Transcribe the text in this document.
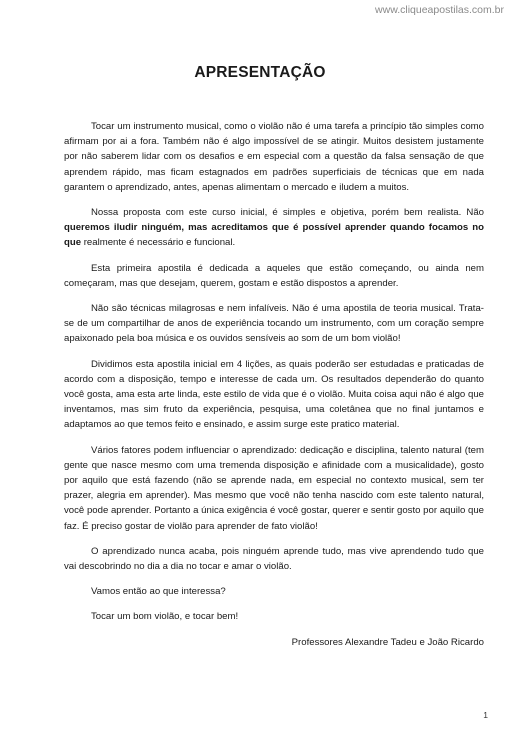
www.cliqueapostilas.com.br
APRESENTAÇÃO

Tocar um instrumento musical, como o violão não é uma tarefa a princípio tão simples como afirmam por ai a fora. Também não é algo impossível de se atingir. Muitos desistem justamente por não saberem lidar com os desafios e em especial com a questão da falsa sensação de que aprendem rápido, mas ficam estagnados em padrões superficiais de técnicas que em nada garantem o aprendizado, antes, apenas alimentam o mercado e iludem a muitos.

Nossa proposta com este curso inicial, é simples e objetiva, porém bem realista. Não queremos iludir ninguém, mas acreditamos que é possível aprender quando focamos no que realmente é necessário e funcional.

Esta primeira apostila é dedicada a aqueles que estão começando, ou ainda nem começaram, mas que desejam, querem, gostam e estão dispostos a aprender.

Não são técnicas milagrosas e nem infalíveis. Não é uma apostila de teoria musical. Trata-se de um compartilhar de anos de experiência tocando um instrumento, com um coração sempre apaixonado pela boa música e os ouvidos sensíveis ao som de um bom violão!

Dividimos esta apostila inicial em 4 lições, as quais poderão ser estudadas e praticadas de acordo com a disposição, tempo e interesse de cada um. Os resultados dependerão do quanto você gosta, ama esta arte linda, este estilo de vida que é o violão. Muita coisa aqui não é algo que inventamos, mas sim fruto da experiência, pesquisa, uma coletânea que no final juntamos e adaptamos ao que temos feito e ensinado, e assim surge este pratico material.

Vários fatores podem influenciar o aprendizado: dedicação e disciplina, talento natural (tem gente que nasce mesmo com uma tremenda disposição e afinidade com a musicalidade), gosto por aquilo que está fazendo (não se aprende nada, em especial no contexto musical, sem ter prazer, alegria em aprender). Mas mesmo que você não tenha nascido com este talento natural, você pode aprender. Portanto a única exigência é você gostar, querer e sentir gosto por aquilo que faz. É preciso gostar de violão para aprender de fato violão!

O aprendizado nunca acaba, pois ninguém aprende tudo, mas vive aprendendo tudo que vai descobrindo no dia a dia no tocar e amar o violão.

Vamos então ao que interessa?

Tocar um bom violão, e tocar bem!

Professores Alexandre Tadeu e João Ricardo

1
